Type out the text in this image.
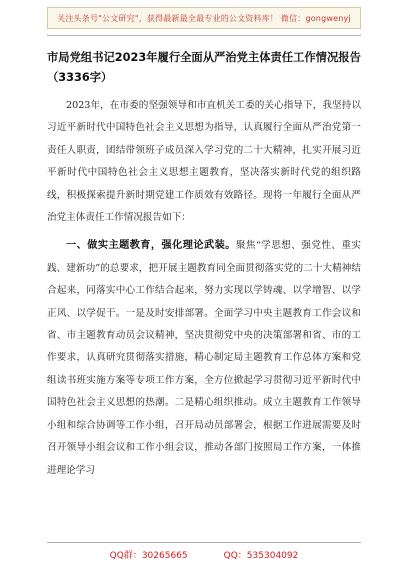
关注头条号"公文研究"，获得最新最全最专业的公文资料库！ 微信：gongwenyj
市局党组书记2023年履行全面从严治党主体责任工作情况报告（3336字）

2023年，在市委的坚强领导和市直机关工委的关心指导下，我坚持以习近平新时代中国特色社会主义思想为指导，认真履行全面从严治党第一责任人职责，团结带领班子成员深入学习党的二十大精神，扎实开展习近平新时代中国特色社会主义思想主题教育，坚决落实新时代党的组织路线，积极探索提升新时期党建工作质效有效路径。现将一年履行全面从严治党主体责任工作情况报告如下：

一、做实主题教育，强化理论武装。聚焦“学思想、强党性、重实践、建新功”的总要求，把开展主题教育同全面贯彻落实党的二十大精神结合起来，同落实中心工作结合起来，努力实现以学铸魂、以学增智、以学正风、以学促干。一是及时安排部署。全面学习中央主题教育工作会议和省、市主题教育动员会议精神，坚决贯彻党中央的决策部署和省、市的工作要求，认真研究贯彻落实措施，精心制定局主题教育工作总体方案和党组读书班实施方案等专项工作方案，全方位掀起学习贯彻习近平新时代中国特色社会主义思想的热潮。二是精心组织推动。成立主题教育工作领导小组和综合协调等工作小组，召开局动员部署会，根据工作进展需要及时召开领导小组会议和工作小组会议，推动各部门按照局工作方案，一体推进理论学习

QQ群：30265665	QQ：535304092
